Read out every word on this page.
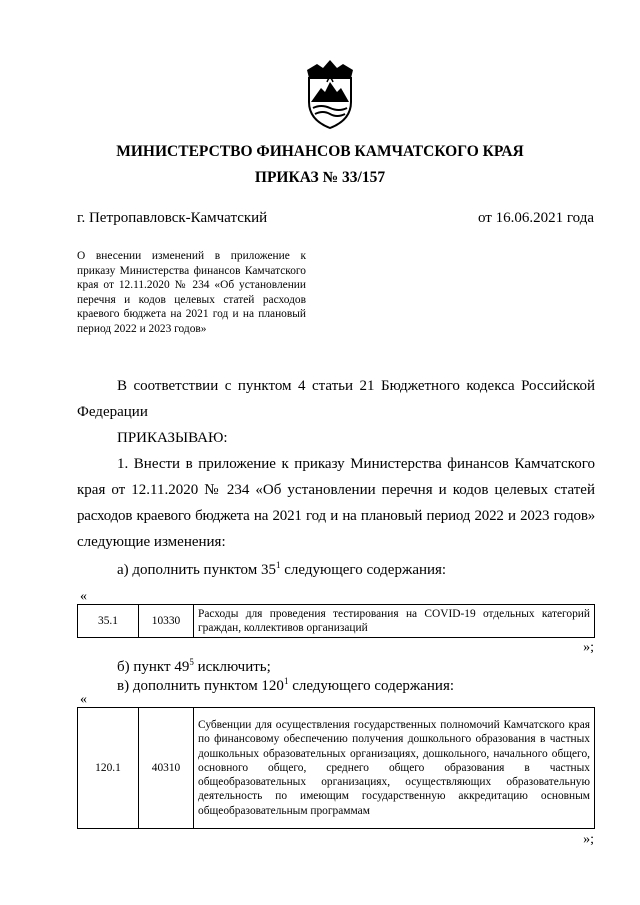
МИНИСТЕРСТВО ФИНАНСОВ КАМЧАТСКОГО КРАЯ
ПРИКАЗ № 33/157
г. Петропавловск-Камчатский	от 16.06.2021 года
О внесении изменений в приложение к приказу Министерства финансов Камчатского края от 12.11.2020 № 234 «Об установлении перечня и кодов целевых статей расходов краевого бюджета на 2021 год и на плановый период 2022 и 2023 годов»
В соответствии с пунктом 4 статьи 21 Бюджетного кодекса Российской
Федерации
ПРИКАЗЫВАЮ:
1. Внести в приложение к приказу Министерства финансов Камчатского
края от 12.11.2020 № 234 «Об установлении перечня и кодов целевых статей
расходов краевого бюджета на 2021 год и на плановый период 2022 и 2023 годов»
следующие изменения:
а) дополнить пунктом $35^1$ следующего содержания:
«
35.1	10330	Расходы для проведения тестирования на COVID-19 отдельных категорий граждан, коллективов организаций
»;
б) пункт $49^5$ исключить;
в) дополнить пунктом $120^1$ следующего содержания:
«
120.1	40310	Субвенции для осуществления государственных полномочий Камчатского края по финансовому обеспечению получения дошкольного образования в частных дошкольных образовательных организациях, дошкольного, начального общего, основного общего, среднего общего образования в частных общеобразовательных организациях, осуществляющих образовательную деятельность по имеющим государственную аккредитацию основным общеобразовательным программам
»;
